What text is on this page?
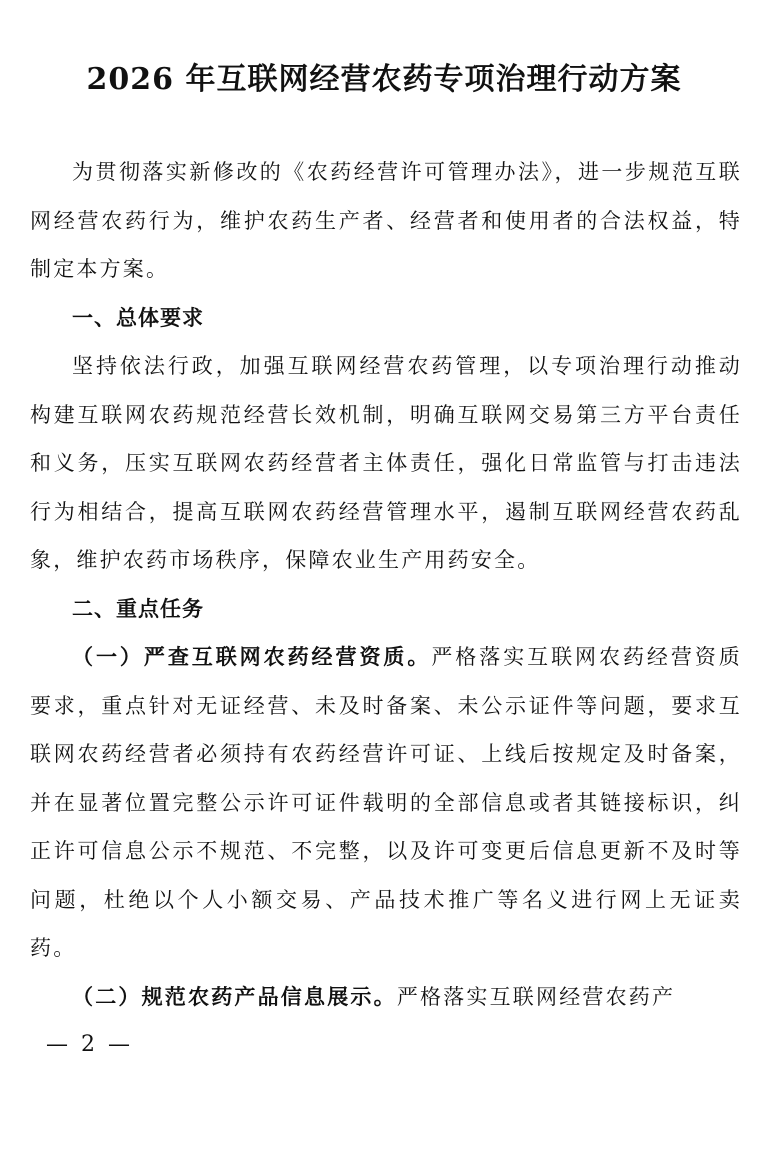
2026 年互联网经营农药专项治理行动方案

为贯彻落实新修改的《农药经营许可管理办法》，进一步规范互联网经营农药行为，维护农药生产者、经营者和使用者的合法权益，特制定本方案。

一、总体要求

坚持依法行政，加强互联网经营农药管理，以专项治理行动推动构建互联网农药规范经营长效机制，明确互联网交易第三方平台责任和义务，压实互联网农药经营者主体责任，强化日常监管与打击违法行为相结合，提高互联网农药经营管理水平，遏制互联网经营农药乱象，维护农药市场秩序，保障农业生产用药安全。

二、重点任务

（一）严查互联网农药经营资质。严格落实互联网农药经营资质要求，重点针对无证经营、未及时备案、未公示证件等问题，要求互联网农药经营者必须持有农药经营许可证、上线后按规定及时备案，并在显著位置完整公示许可证件载明的全部信息或者其链接标识，纠正许可信息公示不规范、不完整，以及许可变更后信息更新不及时等问题，杜绝以个人小额交易、产品技术推广等名义进行网上无证卖药。

（二）规范农药产品信息展示。严格落实互联网经营农药产

— 2 —
